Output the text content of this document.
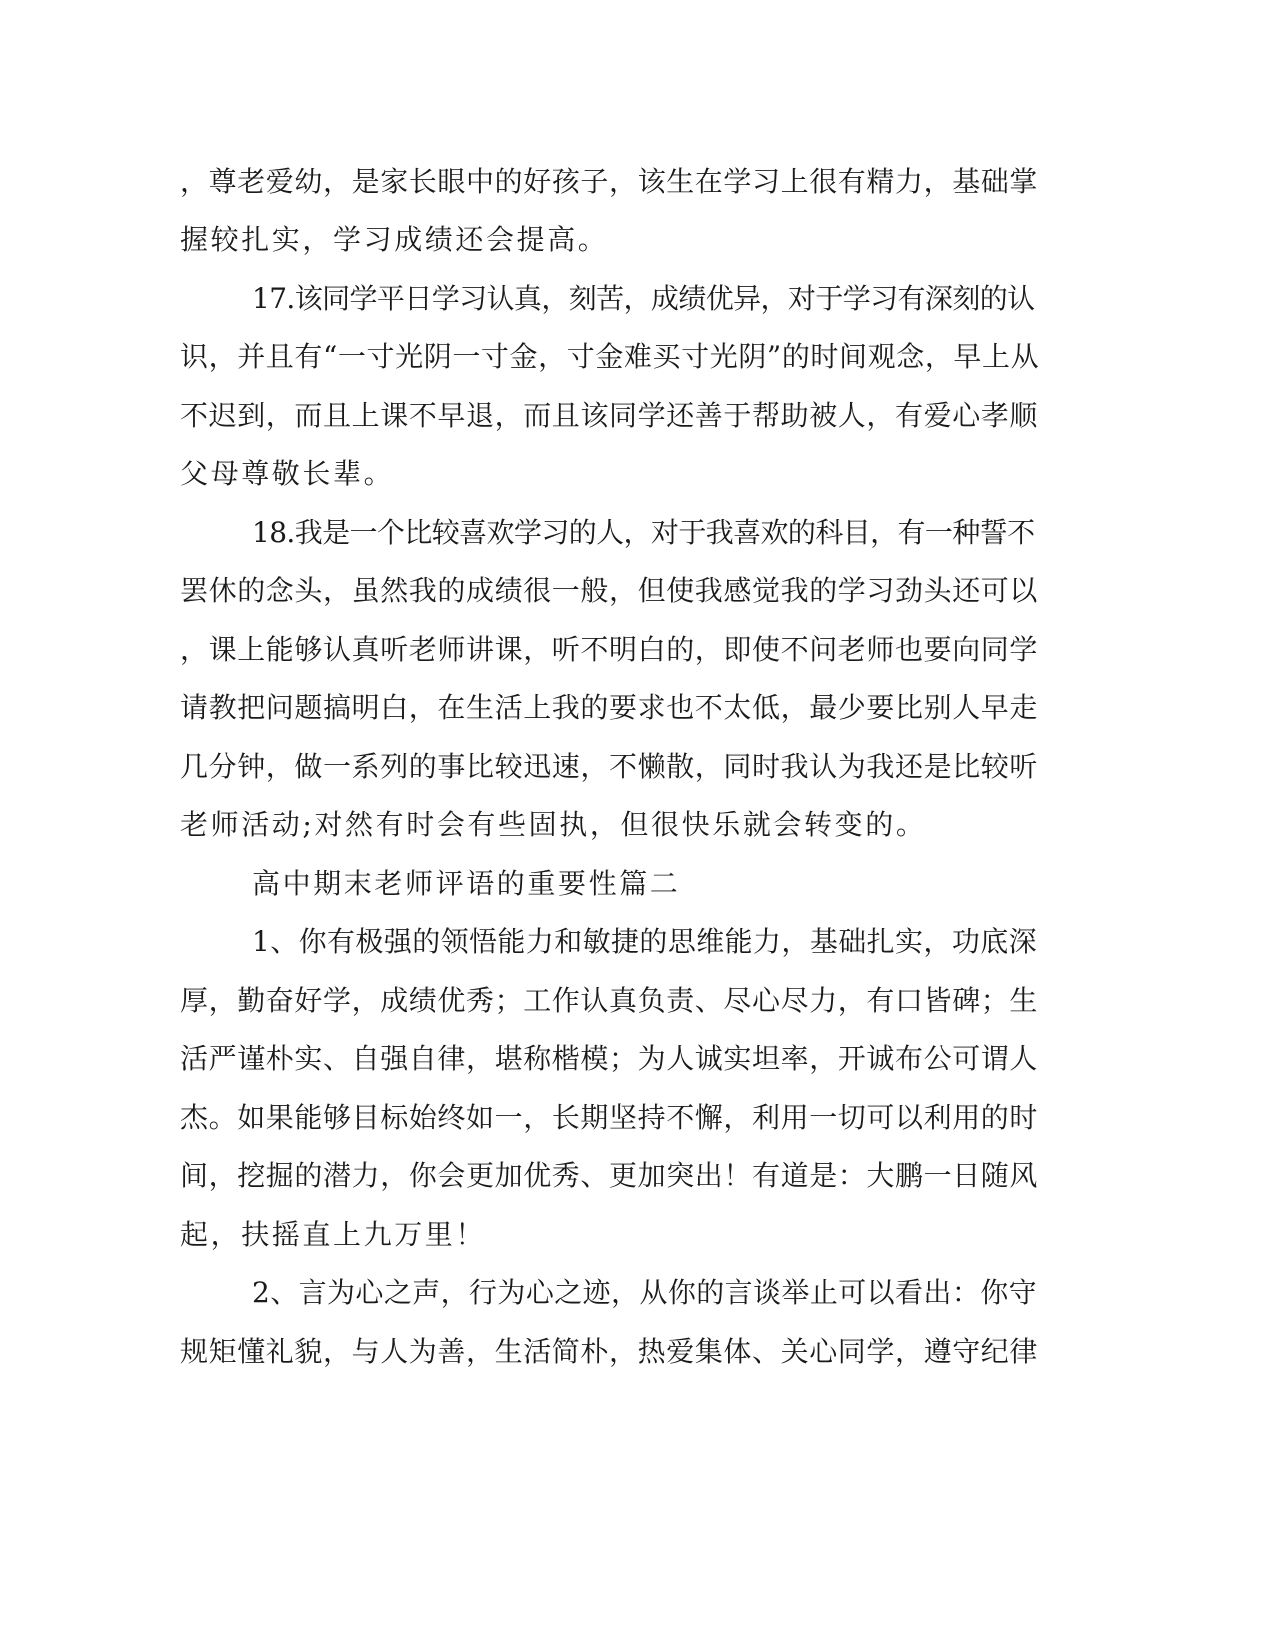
，尊老爱幼，是家长眼中的好孩子，该生在学习上很有精力，基础掌
握较扎实，学习成绩还会提高。
17.该同学平日学习认真，刻苦，成绩优异，对于学习有深刻的认
识，并且有“一寸光阴一寸金，寸金难买寸光阴”的时间观念，早上从
不迟到，而且上课不早退，而且该同学还善于帮助被人，有爱心孝顺
父母尊敬长辈。
18.我是一个比较喜欢学习的人，对于我喜欢的科目，有一种誓不
罢休的念头，虽然我的成绩很一般，但使我感觉我的学习劲头还可以
，课上能够认真听老师讲课，听不明白的，即使不问老师也要向同学
请教把问题搞明白，在生活上我的要求也不太低，最少要比别人早走
几分钟，做一系列的事比较迅速，不懒散，同时我认为我还是比较听
老师活动;对然有时会有些固执，但很快乐就会转变的。
高中期末老师评语的重要性篇二
1、你有极强的领悟能力和敏捷的思维能力，基础扎实，功底深
厚，勤奋好学，成绩优秀；工作认真负责、尽心尽力，有口皆碑；生
活严谨朴实、自强自律，堪称楷模；为人诚实坦率，开诚布公可谓人
杰。如果能够目标始终如一，长期坚持不懈，利用一切可以利用的时
间，挖掘的潜力，你会更加优秀、更加突出！有道是：大鹏一日随风
起，扶摇直上九万里！
2、言为心之声，行为心之迹，从你的言谈举止可以看出：你守
规矩懂礼貌，与人为善，生活简朴，热爱集体、关心同学，遵守纪律
